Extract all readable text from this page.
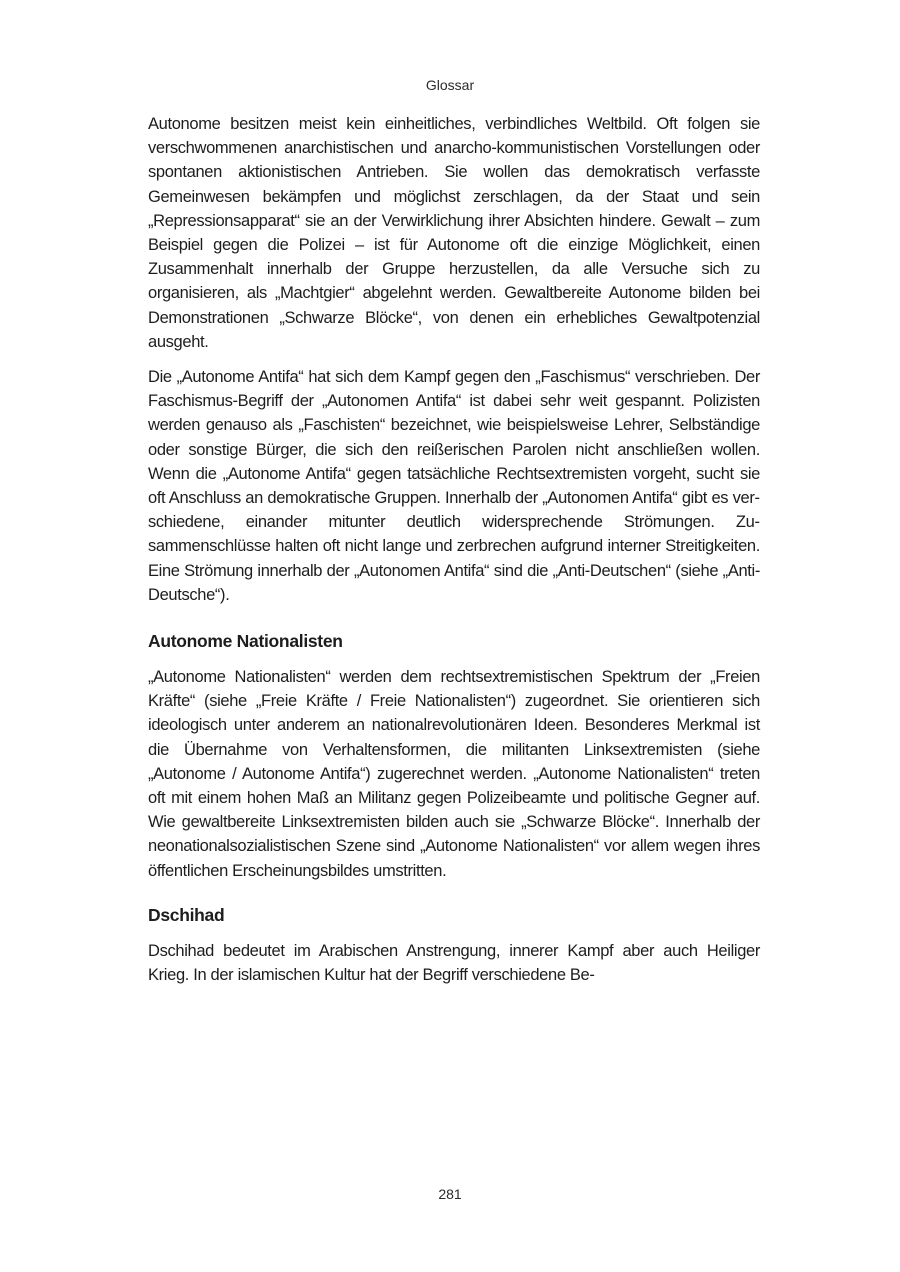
Glossar

Autonome besitzen meist kein einheitliches, verbindliches Weltbild. Oft folgen sie verschwommenen anarchistischen und anarcho-kommunistischen Vorstellungen oder spontanen aktionistischen Antrieben. Sie wollen das demokratisch verfasste Gemeinwesen bekämpfen und möglichst zerschlagen, da der Staat und sein „Repressionsapparat“ sie an der Verwirklichung ihrer Absichten hindere. Gewalt – zum Beispiel gegen die Polizei – ist für Autonome oft die einzige Möglichkeit, einen Zusammenhalt innerhalb der Gruppe herzustellen, da alle Versuche sich zu organisieren, als „Machtgier“ abgelehnt werden. Gewaltbereite Autonome bilden bei Demonstrationen „Schwarze Blöcke“, von denen ein erhebliches Gewaltpotenzial ausgeht.

Die „Autonome Antifa“ hat sich dem Kampf gegen den „Faschismus“ verschrieben. Der Faschismus-Begriff der „Autonomen Antifa“ ist dabei sehr weit gespannt. Polizisten werden genauso als „Faschisten“ bezeichnet, wie beispielsweise Lehrer, Selbständige oder sonstige Bürger, die sich den reißerischen Parolen nicht anschließen wollen. Wenn die „Autonome Antifa“ gegen tatsächliche Rechtsextremisten vorgeht, sucht sie oft Anschluss an demokratische Gruppen. Innerhalb der „Autonomen Antifa“ gibt es verschiedene, einander mitunter deutlich widersprechende Strömungen. Zusammenschlüsse halten oft nicht lange und zerbrechen aufgrund interner Streitigkeiten. Eine Strömung innerhalb der „Autonomen Antifa“ sind die „Anti-Deutschen“ (siehe „Anti-Deutsche“).

Autonome Nationalisten

„Autonome Nationalisten“ werden dem rechtsextremistischen Spektrum der „Freien Kräfte“ (siehe „Freie Kräfte / Freie Nationalisten“) zugeordnet. Sie orientieren sich ideologisch unter anderem an nationalrevolutionären Ideen. Besonderes Merkmal ist die Übernahme von Verhaltensformen, die militanten Linksextremisten (siehe „Autonome / Autonome Antifa“) zugerechnet werden. „Autonome Nationalisten“ treten oft mit einem hohen Maß an Militanz gegen Polizeibeamte und politische Gegner auf. Wie gewaltbereite Linksextremisten bilden auch sie „Schwarze Blöcke“. Innerhalb der neonationalsozialistischen Szene sind „Autonome Nationalisten“ vor allem wegen ihres öffentlichen Erscheinungsbildes umstritten.

Dschihad

Dschihad bedeutet im Arabischen Anstrengung, innerer Kampf aber auch Heiliger Krieg. In der islamischen Kultur hat der Begriff verschiedene Be-

281
